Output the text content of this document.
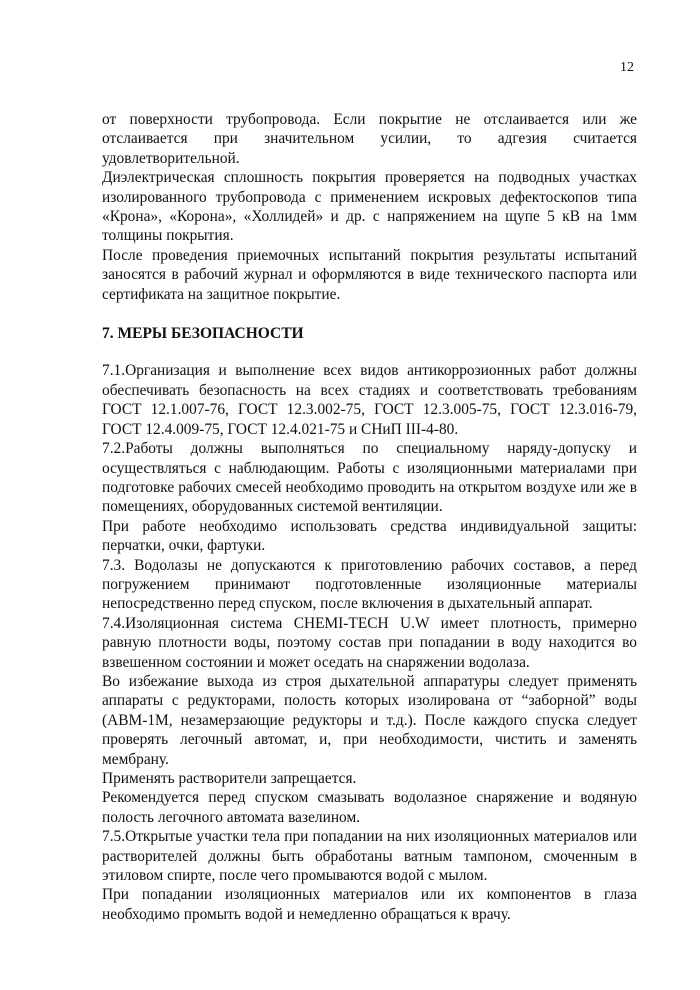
12

от поверхности трубопровода. Если покрытие не отслаивается или же отслаивается при значительном усилии, то адгезия считается удовлетворительной.

Диэлектрическая сплошность покрытия проверяется на подводных участках изолированного трубопровода с применением искровых дефектоскопов типа «Крона», «Корона», «Холлидей» и др. с напряжением на щупе 5 кВ на 1мм толщины покрытия.

После проведения приемочных испытаний покрытия результаты испытаний заносятся в рабочий журнал и оформляются в виде технического паспорта или сертификата на защитное покрытие.

7. МЕРЫ БЕЗОПАСНОСТИ

7.1.Организация и выполнение всех видов антикоррозионных работ должны обеспечивать безопасность на всех стадиях и соответствовать требованиям ГОСТ 12.1.007-76, ГОСТ 12.3.002-75, ГОСТ 12.3.005-75, ГОСТ 12.3.016-79, ГОСТ 12.4.009-75, ГОСТ 12.4.021-75 и СНиП III-4-80.

7.2.Работы должны выполняться по специальному наряду-допуску и осуществляться с наблюдающим. Работы с изоляционными материалами при подготовке рабочих смесей необходимо проводить на открытом воздухе или же в помещениях, оборудованных системой вентиляции.

При работе необходимо использовать средства индивидуальной защиты: перчатки, очки, фартуки.

7.3. Водолазы не допускаются к приготовлению рабочих составов, а перед погружением принимают подготовленные изоляционные материалы непосредственно перед спуском, после включения в дыхательный аппарат.

7.4.Изоляционная система CHEMI-TECH U.W имеет плотность, примерно равную плотности воды, поэтому состав при попадании в воду находится во взвешенном состоянии и может оседать на снаряжении водолаза.

Во избежание выхода из строя дыхательной аппаратуры следует применять аппараты с редукторами, полость которых изолирована от “заборной” воды (АВМ-1М, незамерзающие редукторы и т.д.). После каждого спуска следует проверять легочный автомат, и, при необходимости, чистить и заменять мембрану.

Применять растворители запрещается.

Рекомендуется перед спуском смазывать водолазное снаряжение и водяную полость легочного автомата вазелином.

7.5.Открытые участки тела при попадании на них изоляционных материалов или растворителей должны быть обработаны ватным тампоном, смоченным в этиловом спирте, после чего промываются водой с мылом.

При попадании изоляционных материалов или их компонентов в глаза необходимо промыть водой и немедленно обращаться к врачу.
